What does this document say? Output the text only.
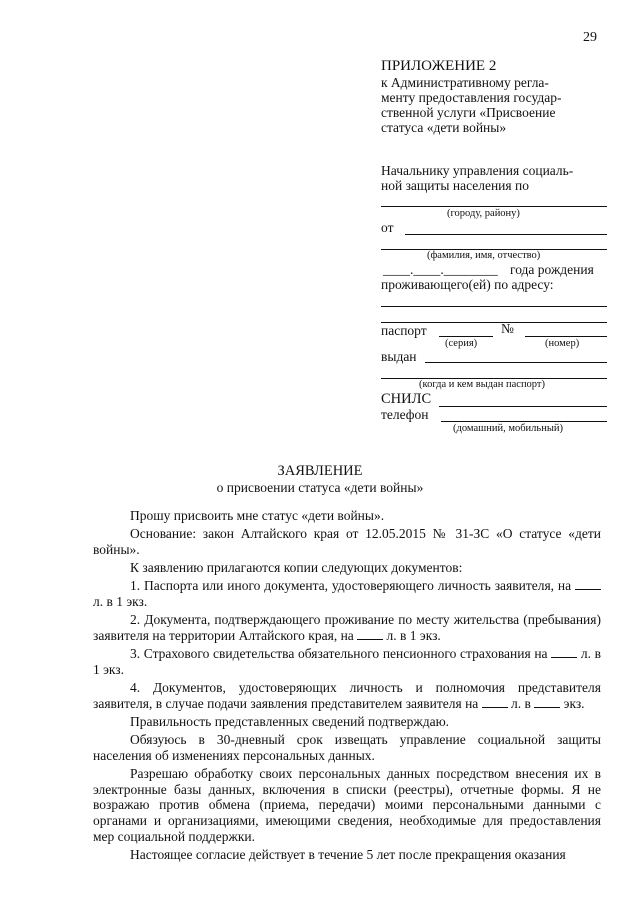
29
ПРИЛОЖЕНИЕ 2
к Административному регла-
менту предоставления государ-
ственной услуги «Присвоение
статуса «дети войны»
Начальнику управления социаль-
ной защиты населения по
(городу, району)
от
(фамилия, имя, отчество)
____.____.________ года рождения
проживающего(ей) по адресу:
паспорт	№
(серия)	(номер)
выдан
(когда и кем выдан паспорт)
СНИЛС
телефон
(домашний, мобильный)
ЗАЯВЛЕНИЕ
о присвоении статуса «дети войны»

Прошу присвоить мне статус «дети войны».

Основание: закон Алтайского края от 12.05.2015 № 31-ЗС «О статусе «дети войны».

К заявлению прилагаются копии следующих документов:

1. Паспорта или иного документа, удостоверяющего личность заявителя, на  л. в 1 экз.

2. Документа, подтверждающего проживание по месту жительства (пребывания) заявителя на территории Алтайского края, на л. в 1 экз.

3. Страхового свидетельства обязательного пенсионного страхования на л. в 1 экз.

4. Документов, удостоверяющих личность и полномочия представителя заявителя, в случае подачи заявления представителем заявителя на л. в экз.

Правильность представленных сведений подтверждаю.

Обязуюсь в 30-дневный срок извещать управление социальной защиты населения об изменениях персональных данных.

Разрешаю обработку своих персональных данных посредством внесения их в электронные базы данных, включения в списки (реестры), отчетные формы. Я не возражаю против обмена (приема, передачи) моими персональными данными с органами и организациями, имеющими сведения, необходимые для предоставления мер социальной поддержки.

Настоящее согласие действует в течение 5 лет после прекращения оказания
